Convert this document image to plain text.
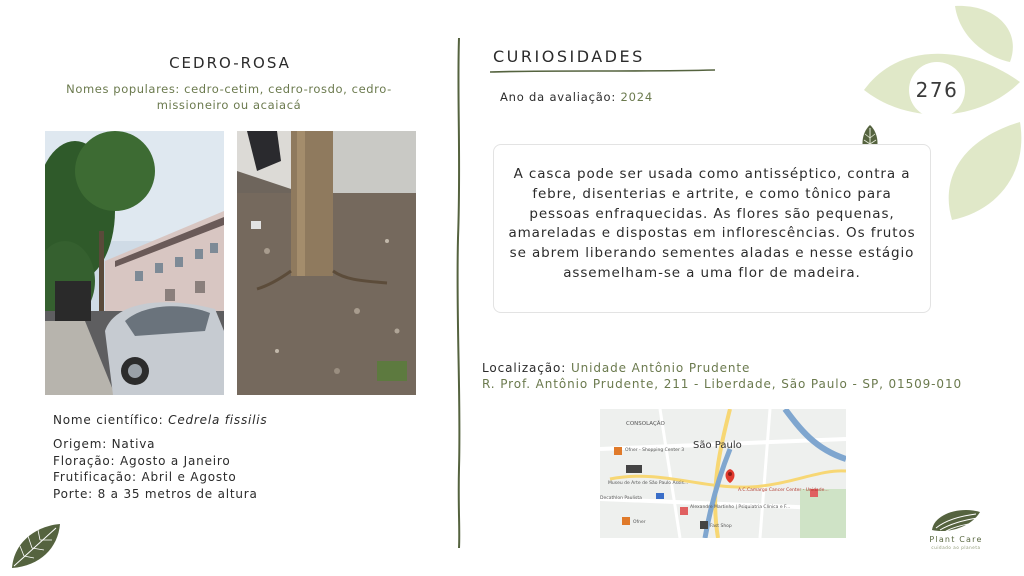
276
CEDRO-ROSA
Nomes populares: cedro-cetim, cedro-rosdo, cedro-missioneiro ou acaiacá
Nome científico: Cedrela fissilis
Origem: Nativa
Floração: Agosto a Janeiro
Frutificação: Abril e Agosto
Porte: 8 a 35 metros de altura
CURIOSIDADES
Ano da avaliação: 2024
A casca pode ser usada como antisséptico, contra a febre, disenterias e artrite, e como tônico para pessoas enfraquecidas. As flores são pequenas, amareladas e dispostas em inflorescências. Os frutos se abrem liberando sementes aladas e nesse estágio assemelham-se a uma flor de madeira.
Localização: Unidade Antônio Prudente
R. Prof. Antônio Prudente, 211 - Liberdade, São Paulo - SP, 01509-010
CONSOLAÇÃO
São Paulo
Ofner - Shopping Center 3
Museu de Arte de São Paulo Assis...
Decathlon Paulista
Alexandre Martinho | Psiquiatria Clínica e F...
A.C.Camargo Cancer Center - Unidade...
Ofner
Fast Shop
Plant Care
cuidado ao planeta
